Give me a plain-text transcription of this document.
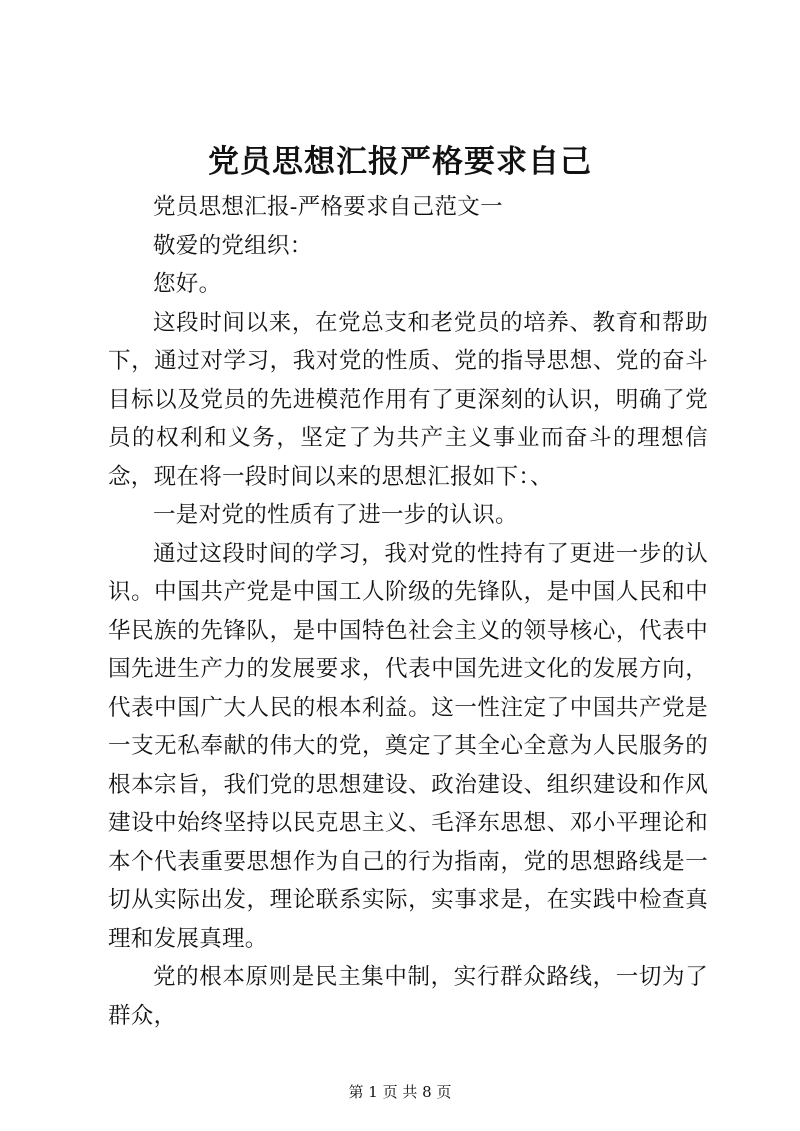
党员思想汇报严格要求自己

党员思想汇报-严格要求自己范文一

敬爱的党组织：

您好。

这段时间以来，在党总支和老党员的培养、教育和帮助下，通过对学习，我对党的性质、党的指导思想、党的奋斗目标以及党员的先进模范作用有了更深刻的认识，明确了党员的权利和义务，坚定了为共产主义事业而奋斗的理想信念，现在将一段时间以来的思想汇报如下：、

一是对党的性质有了进一步的认识。

通过这段时间的学习，我对党的性持有了更进一步的认识。中国共产党是中国工人阶级的先锋队，是中国人民和中华民族的先锋队，是中国特色社会主义的领导核心，代表中国先进生产力的发展要求，代表中国先进文化的发展方向，代表中国广大人民的根本利益。这一性注定了中国共产党是一支无私奉献的伟大的党，奠定了其全心全意为人民服务的根本宗旨，我们党的思想建设、政治建设、组织建设和作风建设中始终坚持以民克思主义、毛泽东思想、邓小平理论和本个代表重要思想作为自己的行为指南，党的思想路线是一切从实际出发，理论联系实际，实事求是，在实践中检查真理和发展真理。

党的根本原则是民主集中制，实行群众路线，一切为了群众，

第 1 页 共 8 页
